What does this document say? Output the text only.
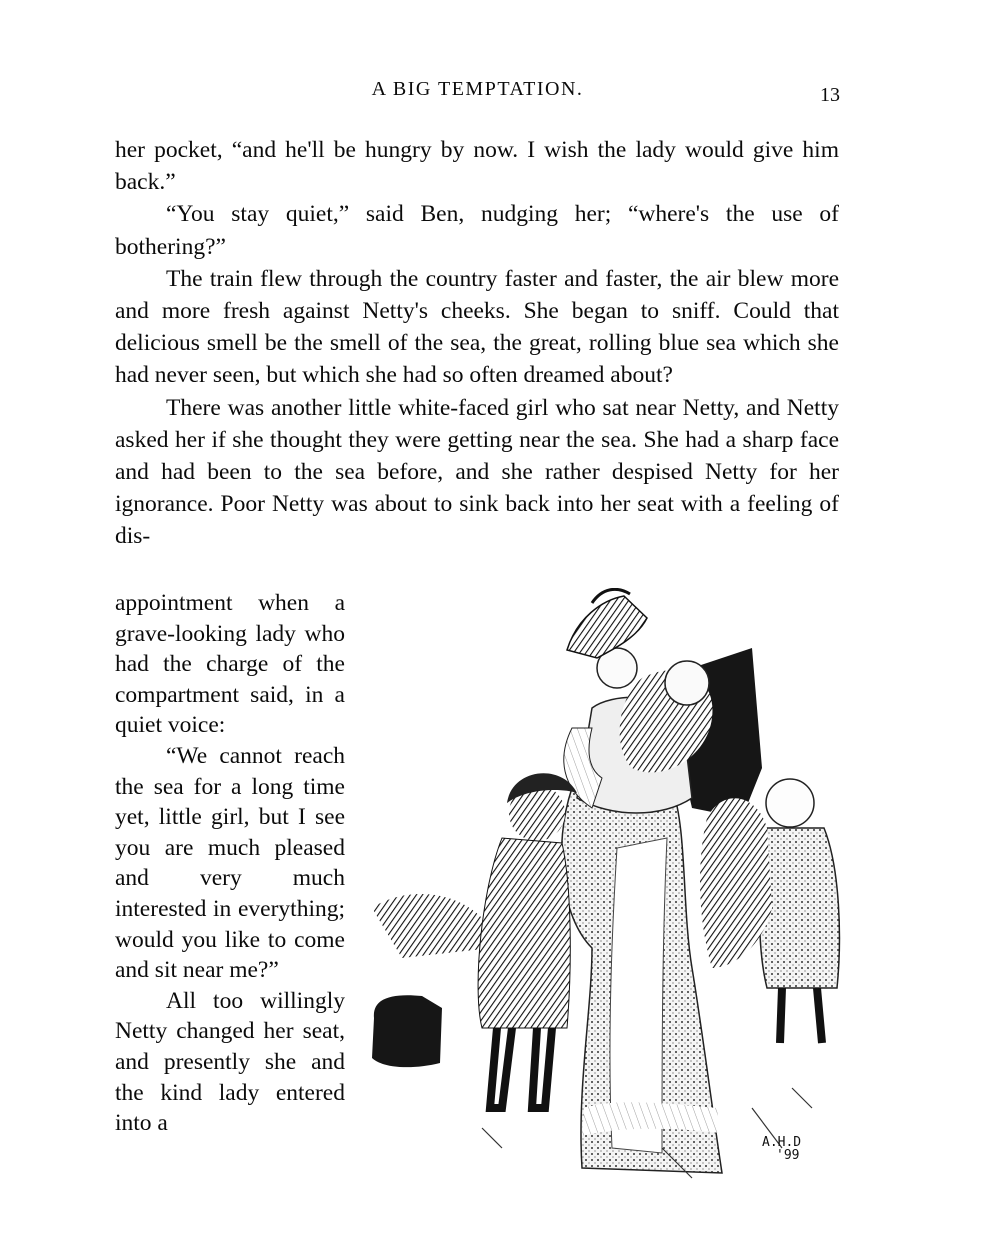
A BIG TEMPTATION.	13

her pocket, “and he'll be hungry by now. I wish the lady would give him back.”

“You stay quiet,” said Ben, nudging her; “where's the use of bothering?”

The train flew through the country faster and faster, the air blew more and more fresh against Netty's cheeks. She began to sniff. Could that delicious smell be the smell of the sea, the great, rolling blue sea which she had never seen, but which she had so often dreamed about?

There was another little white-faced girl who sat near Netty, and Netty asked her if she thought they were getting near the sea. She had a sharp face and had been to the sea before, and she rather despised Netty for her ignorance. Poor Netty was about to sink back into her seat with a feeling of dis-

appointment when a grave-looking lady who had the charge of the compartment said, in a quiet voice:

“We cannot reach the sea for a long time yet, little girl, but I see you are much pleased and very much interested in everything; would you like to come and sit near me?”

All too willingly Netty changed her seat, and presently she and the kind lady entered into a

A.H.D
'99
